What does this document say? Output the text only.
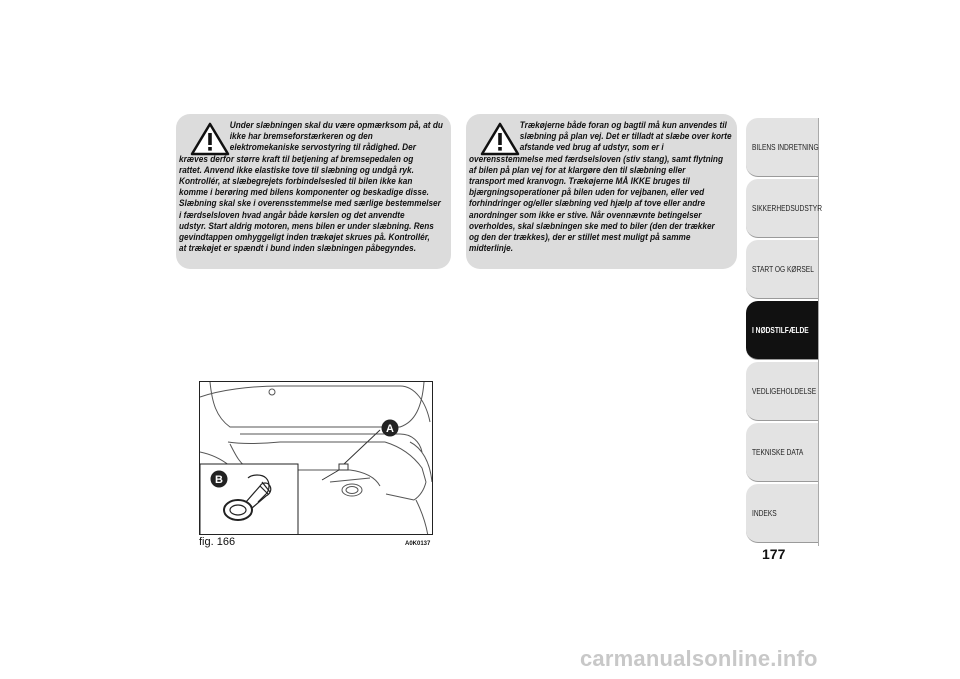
Under slæbningen skal du være opmærksom på, at du
ikke har bremseforstærkeren og den
elektromekaniske servostyring til rådighed. Der
kræves derfor større kraft til betjening af bremsepedalen og
rattet. Anvend ikke elastiske tove til slæbning og undgå ryk.
Kontrollér, at slæbegrejets forbindelsesled til bilen ikke kan
komme i berøring med bilens komponenter og beskadige disse.
Slæbning skal ske i overensstemmelse med særlige bestemmelser
i færdselsloven hvad angår både kørslen og det anvendte
udstyr. Start aldrig motoren, mens bilen er under slæbning. Rens
gevindtappen omhyggeligt inden trækøjet skrues på. Kontrollér,
at trækøjet er spændt i bund inden slæbningen påbegyndes.
Trækøjerne både foran og bagtil må kun anvendes til
slæbning på plan vej. Det er tilladt at slæbe over korte
afstande ved brug af udstyr, som er i
overensstemmelse med færdselsloven (stiv stang), samt flytning
af bilen på plan vej for at klargøre den til slæbning eller
transport med kranvogn. Trækøjerne MÅ IKKE bruges til
bjærgningsoperationer på bilen uden for vejbanen, eller ved
forhindringer og/eller slæbning ved hjælp af tove eller andre
anordninger som ikke er stive. Når ovennævnte betingelser
overholdes, skal slæbningen ske med to biler (den der trækker
og den der trækkes), der er stillet mest muligt på samme
midterlinje.
A
B
fig. 166	A0K0137
BILENS INDRETNING
SIKKERHEDSUDSTYR
START OG KØRSEL
I NØDSTILFÆLDE
VEDLIGEHOLDELSE
TEKNISKE DATA
INDEKS
177
carmanualsonline.info
